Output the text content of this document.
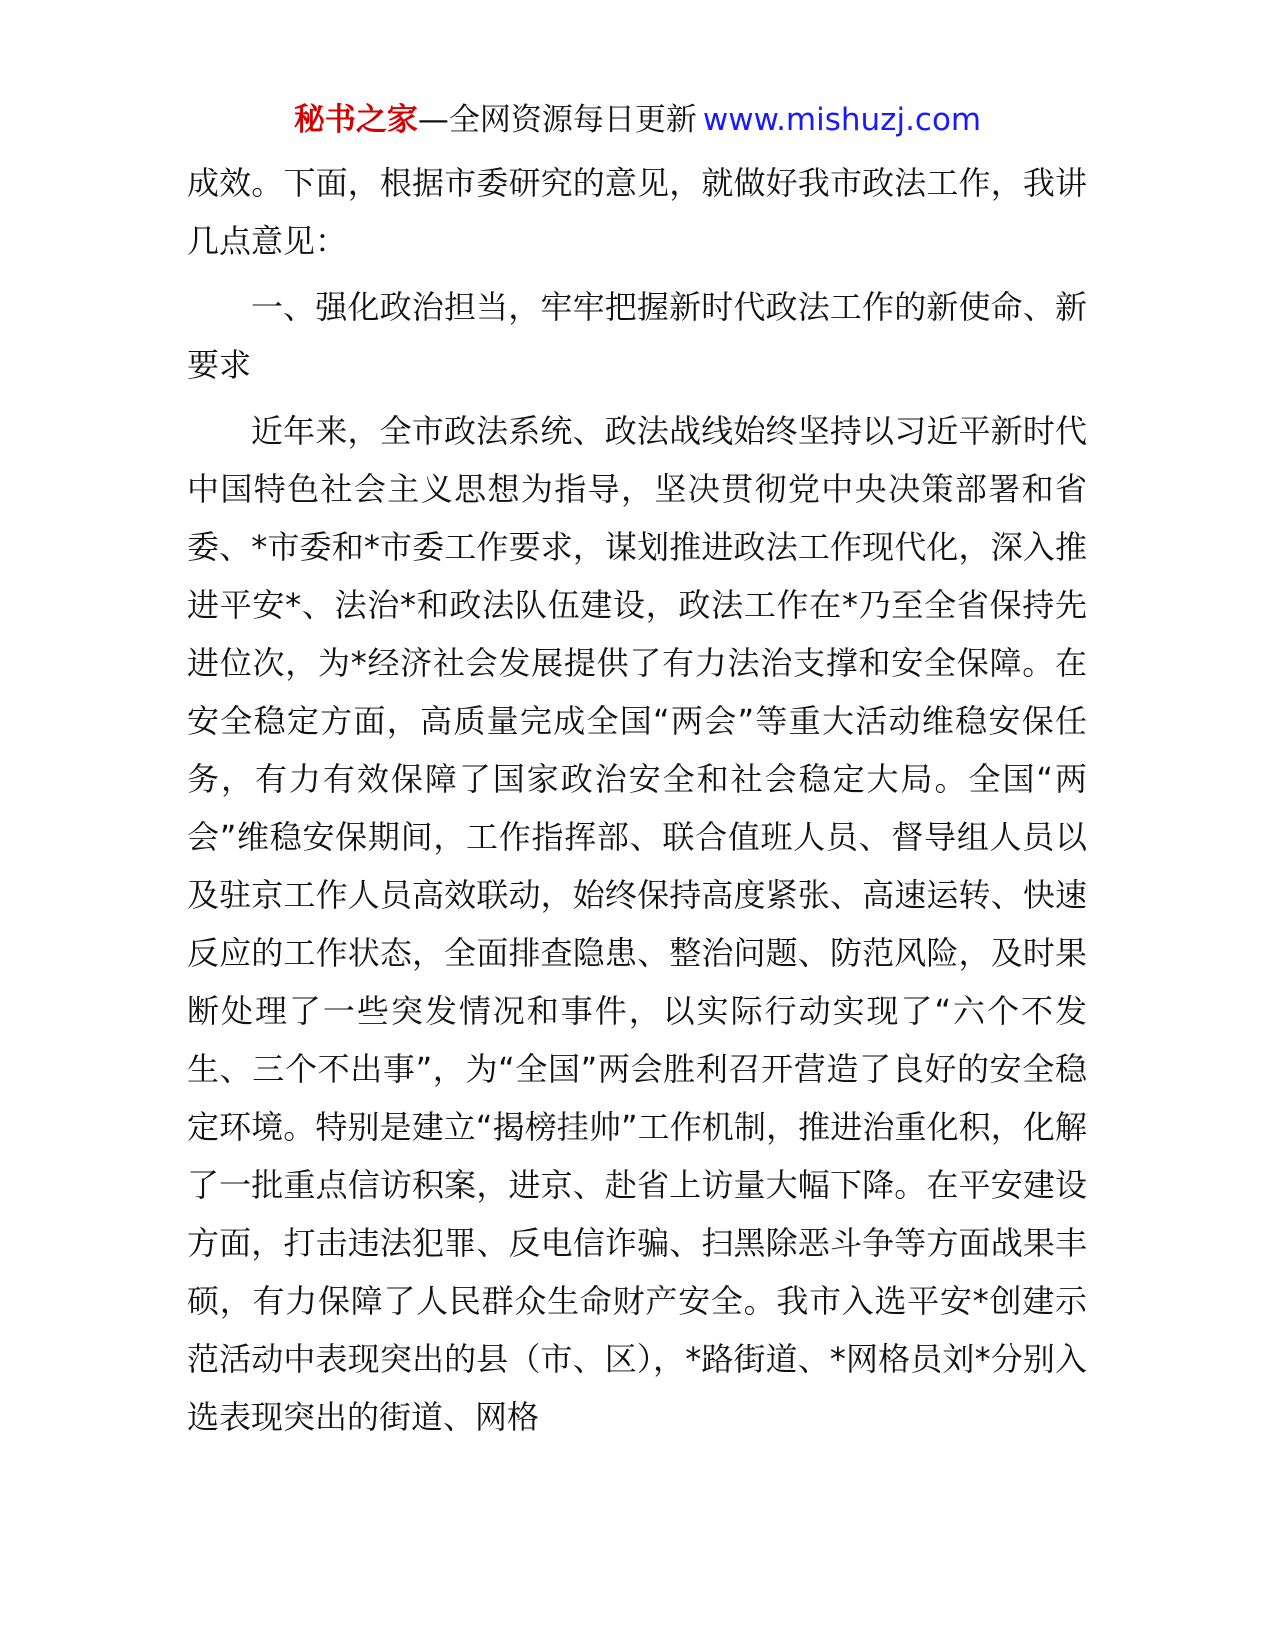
秘书之家—全网资源每日更新 www.mishuzj.com

成效。下面，根据市委研究的意见，就做好我市政法工作，我讲几点意见：

一、强化政治担当，牢牢把握新时代政法工作的新使命、新要求

近年来，全市政法系统、政法战线始终坚持以习近平新时代中国特色社会主义思想为指导，坚决贯彻党中央决策部署和省委、*市委和*市委工作要求，谋划推进政法工作现代化，深入推进平安*、法治*和政法队伍建设，政法工作在*乃至全省保持先进位次，为*经济社会发展提供了有力法治支撑和安全保障。在安全稳定方面，高质量完成全国“两会”等重大活动维稳安保任务，有力有效保障了国家政治安全和社会稳定大局。全国“两会”维稳安保期间，工作指挥部、联合值班人员、督导组人员以及驻京工作人员高效联动，始终保持高度紧张、高速运转、快速反应的工作状态，全面排查隐患、整治问题、防范风险，及时果断处理了一些突发情况和事件，以实际行动实现了“六个不发生、三个不出事”，为“全国”两会胜利召开营造了良好的安全稳定环境。特别是建立“揭榜挂帅”工作机制，推进治重化积，化解了一批重点信访积案，进京、赴省上访量大幅下降。在平安建设方面，打击违法犯罪、反电信诈骗、扫黑除恶斗争等方面战果丰硕，有力保障了人民群众生命财产安全。我市入选平安*创建示范活动中表现突出的县（市、区），*路街道、*网格员刘*分别入选表现突出的街道、网格
